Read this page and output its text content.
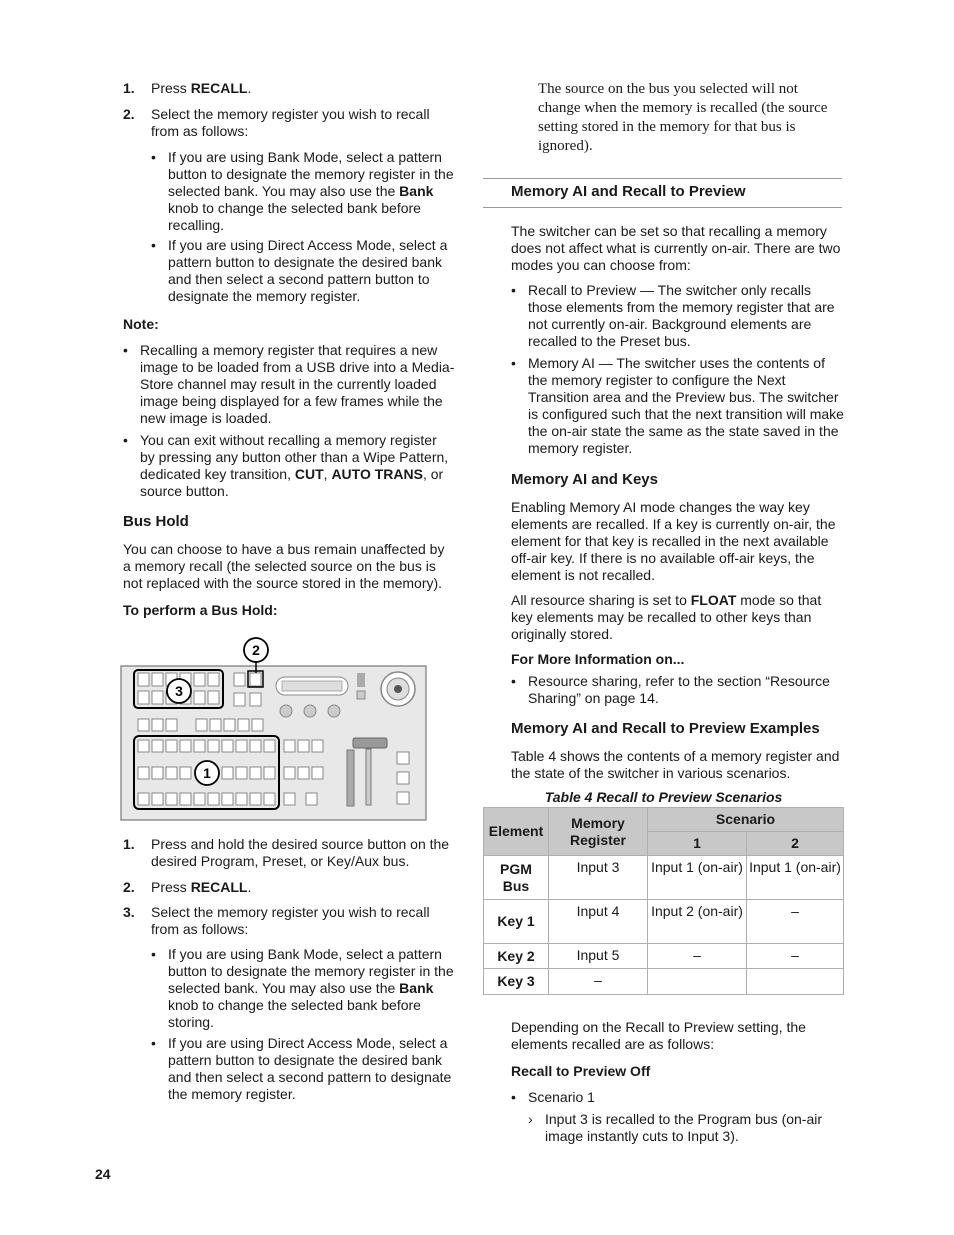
1. Press RECALL.
2. Select the memory register you wish to recall from as follows:
• If you are using Bank Mode, select a pattern button to designate the memory register in the selected bank. You may also use the Bank knob to change the selected bank before recalling.
• If you are using Direct Access Mode, select a pattern button to designate the desired bank and then select a second pattern button to designate the memory register.
Note:
• Recalling a memory register that requires a new image to be loaded from a USB drive into a Media-Store channel may result in the currently loaded image being displayed for a few frames while the new image is loaded.
• You can exit without recalling a memory register by pressing any button other than a Wipe Pattern, dedicated key transition, CUT, AUTO TRANS, or source button.
Bus Hold
You can choose to have a bus remain unaffected by a memory recall (the selected source on the bus is not replaced with the source stored in the memory).
To perform a Bus Hold:
2
3
1
1. Press and hold the desired source button on the desired Program, Preset, or Key/Aux bus.
2. Press RECALL.
3. Select the memory register you wish to recall from as follows:
• If you are using Bank Mode, select a pattern button to designate the memory register in the selected bank. You may also use the Bank knob to change the selected bank before storing.
• If you are using Direct Access Mode, select a pattern button to designate the desired bank and then select a second pattern to designate the memory register.
The source on the bus you selected will not change when the memory is recalled (the source setting stored in the memory for that bus is ignored).
Memory AI and Recall to Preview
The switcher can be set so that recalling a memory does not affect what is currently on-air. There are two modes you can choose from:
• Recall to Preview — The switcher only recalls those elements from the memory register that are not currently on-air. Background elements are recalled to the Preset bus.
• Memory AI — The switcher uses the contents of the memory register to configure the Next Transition area and the Preview bus. The switcher is configured such that the next transition will make the on-air state the same as the state saved in the memory register.
Memory AI and Keys
Enabling Memory AI mode changes the way key elements are recalled. If a key is currently on-air, the element for that key is recalled in the next available off-air key. If there is no available off-air keys, the element is not recalled.
All resource sharing is set to FLOAT mode so that key elements may be recalled to other keys than originally stored.
For More Information on...
• Resource sharing, refer to the section “Resource Sharing” on page 14.
Memory AI and Recall to Preview Examples
Table 4 shows the contents of a memory register and the state of the switcher in various scenarios.
Table 4 Recall to Preview Scenarios
Element	Memory Register	Scenario	
		1	2
PGM Bus	Input 3	Input 1 (on-air)	Input 1 (on-air)
Key 1	Input 4	Input 2 (on-air)	–
Key 2	Input 5	–	–
Key 3	–		
Depending on the Recall to Preview setting, the elements recalled are as follows:
Recall to Preview Off
• Scenario 1
› Input 3 is recalled to the Program bus (on-air image instantly cuts to Input 3).
24
